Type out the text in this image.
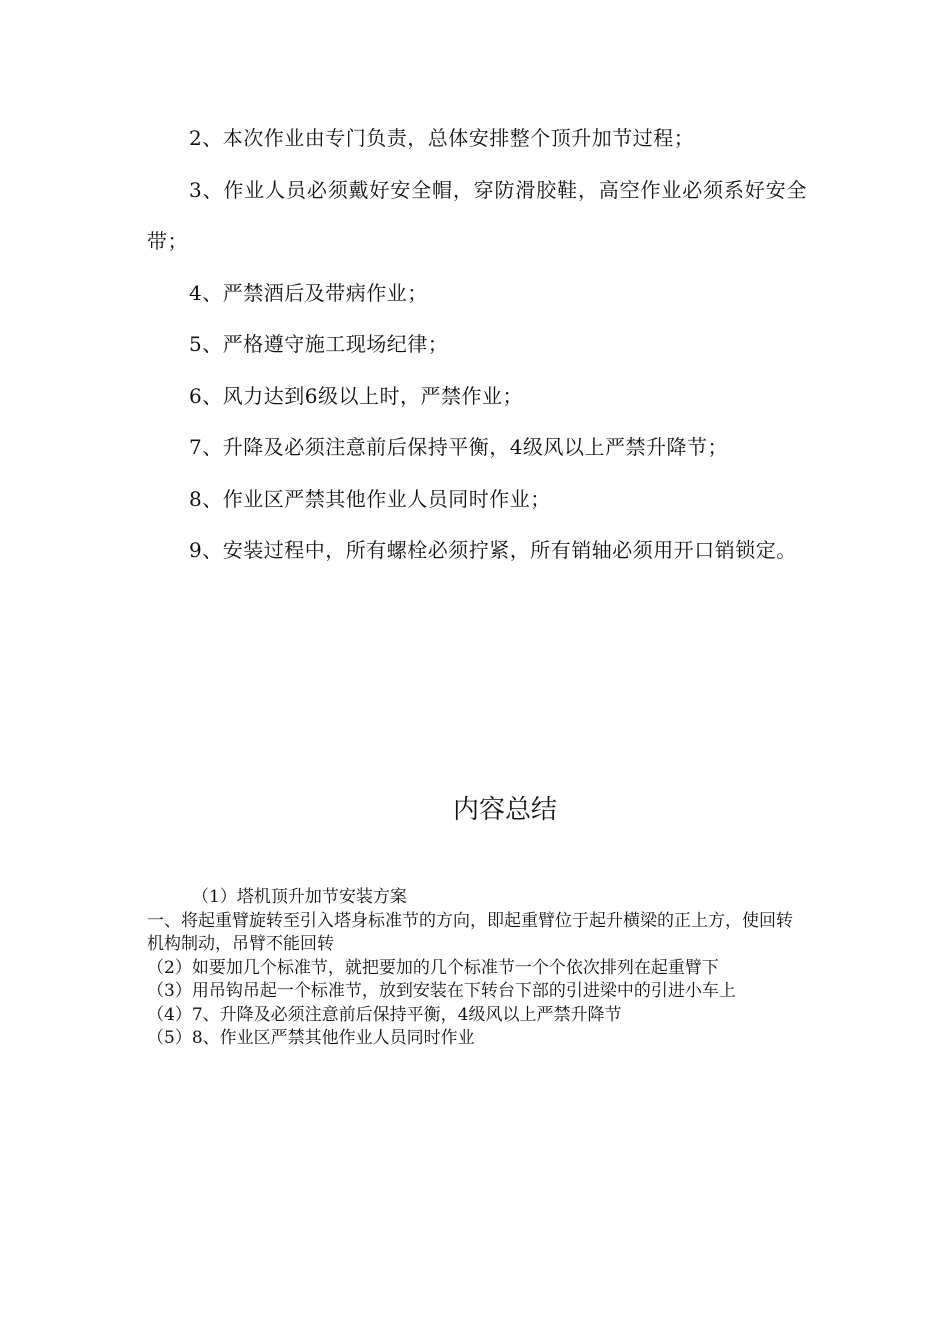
2、本次作业由专门负责，总体安排整个顶升加节过程；

3、作业人员必须戴好安全帽，穿防滑胶鞋，高空作业必须系好安全带；

4、严禁酒后及带病作业；

5、严格遵守施工现场纪律；

6、风力达到6级以上时，严禁作业；

7、升降及必须注意前后保持平衡，4级风以上严禁升降节；

8、作业区严禁其他作业人员同时作业；

9、安装过程中，所有螺栓必须拧紧，所有销轴必须用开口销锁定。

内容总结

（1）塔机顶升加节安装方案

一、将起重臂旋转至引入塔身标准节的方向，即起重臂位于起升横梁的正上方，使回转机构制动，吊臂不能回转

（2）如要加几个标准节，就把要加的几个标准节一个个依次排列在起重臂下

（3）用吊钩吊起一个标准节，放到安装在下转台下部的引进梁中的引进小车上

（4）7、升降及必须注意前后保持平衡，4级风以上严禁升降节

（5）8、作业区严禁其他作业人员同时作业
